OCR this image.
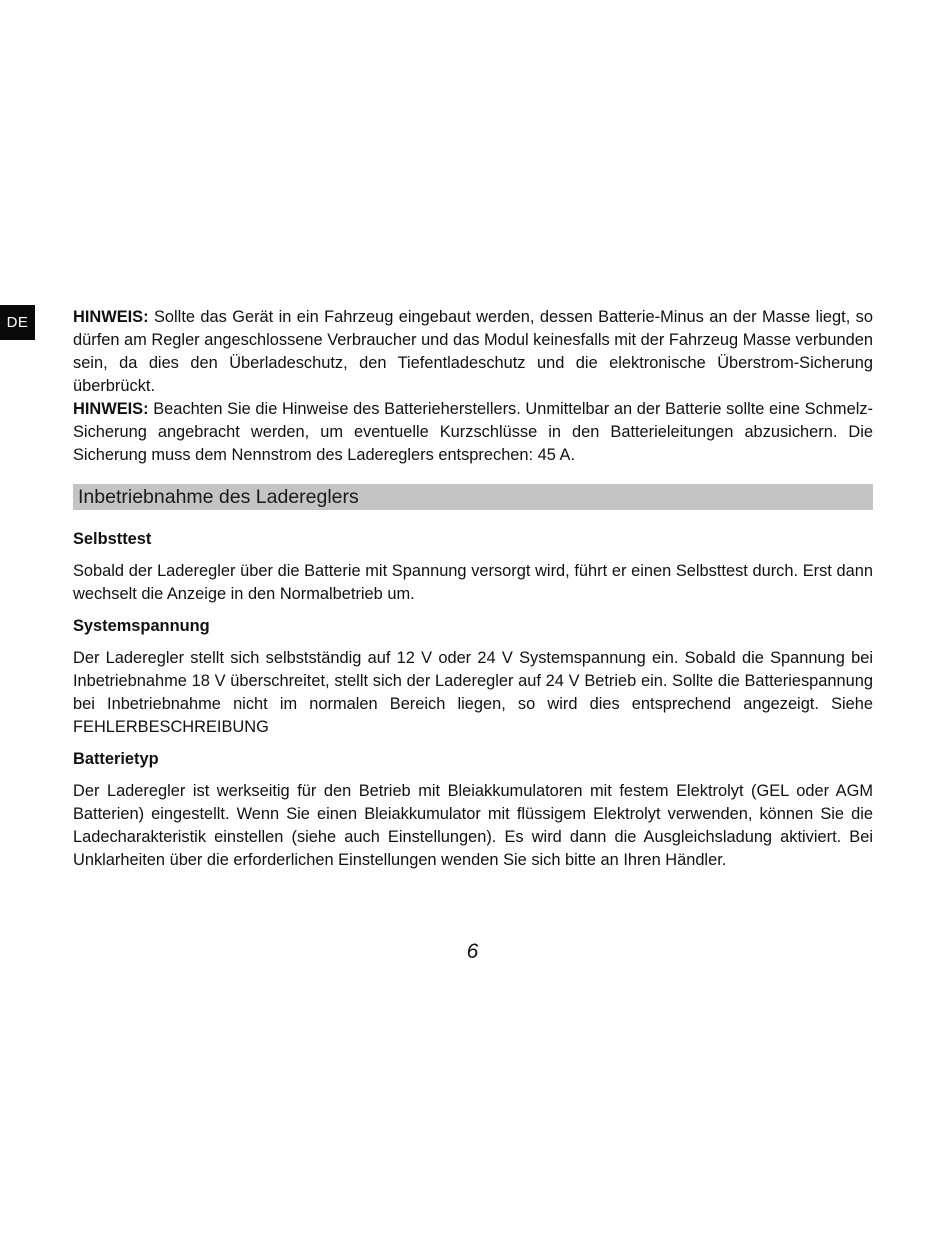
DE	HINWEIS: Sollte das Gerät in ein Fahrzeug eingebaut werden, dessen Batterie-Minus an der Masse liegt, so dürfen am Regler angeschlossene Verbraucher und das Modul keinesfalls mit der Fahrzeug Masse verbunden sein, da dies den Überladeschutz, den Tiefentladeschutz und die elektronische Überstrom-Sicherung überbrückt.

HINWEIS: Beachten Sie die Hinweise des Batterieherstellers. Unmittelbar an der Batterie sollte eine Schmelz-Sicherung angebracht werden, um eventuelle Kurzschlüsse in den Batterieleitungen abzusichern. Die Sicherung muss dem Nennstrom des Ladereglers entsprechen: 45 A.

Inbetriebnahme des Ladereglers
Selbsttest

Sobald der Laderegler über die Batterie mit Spannung versorgt wird, führt er einen Selbsttest durch. Erst dann wechselt die Anzeige in den Normalbetrieb um.

Systemspannung

Der Laderegler stellt sich selbstständig auf 12 V oder 24 V Systemspannung ein. Sobald die Spannung bei Inbetriebnahme 18 V überschreitet, stellt sich der Laderegler auf 24 V Betrieb ein. Sollte die Batteriespannung bei Inbetriebnahme nicht im normalen Bereich liegen, so wird dies entsprechend angezeigt. Siehe FEHLERBESCHREIBUNG

Batterietyp

Der Laderegler ist werkseitig für den Betrieb mit Bleiakkumulatoren mit festem Elektrolyt (GEL oder AGM Batterien) eingestellt. Wenn Sie einen Bleiakkumulator mit flüssigem Elektrolyt verwenden, können Sie die Ladecharakteristik einstellen (siehe auch Einstellungen). Es wird dann die Ausgleichsladung aktiviert. Bei Unklarheiten über die erforderlichen Einstellungen wenden Sie sich bitte an Ihren Händler.

6
